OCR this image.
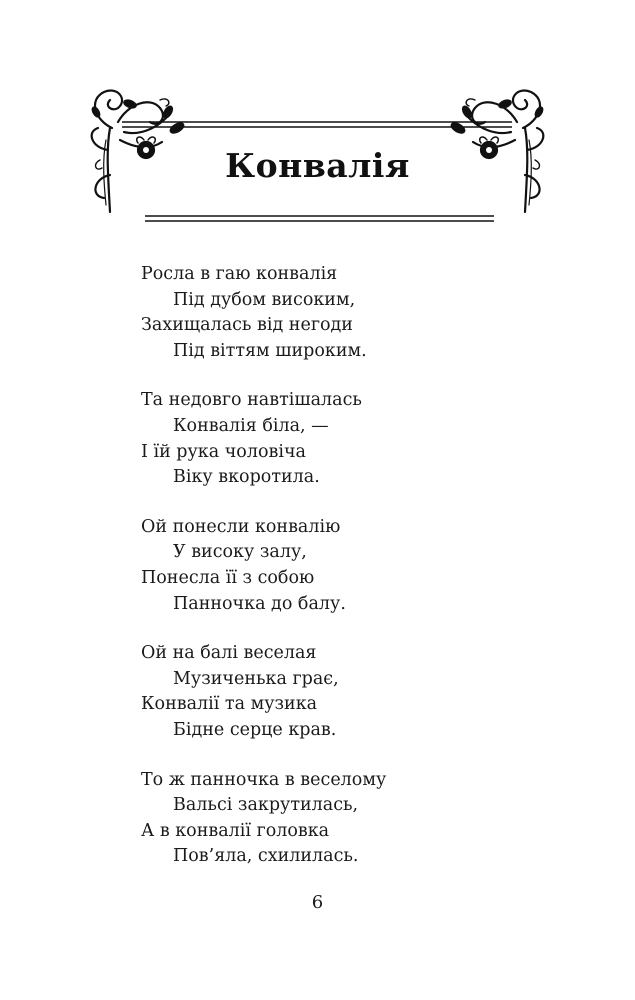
Конвалія
Росла в гаю конвалія
Під дубом високим,
Захищалась від негоди
Під віттям широким.
Та недовго навтішалась
Конвалія біла, —
І їй рука чоловіча
Віку вкоротила.
Ой понесли конвалію
У високу залу,
Понесла її з собою
Панночка до балу.
Ой на балі веселая
Музиченька грає,
Конвалії та музика
Бідне серце крав.
То ж панночка в веселому
Вальсі закрутилась,
А в конвалії головка
Пов’яла, схилилась.
6
